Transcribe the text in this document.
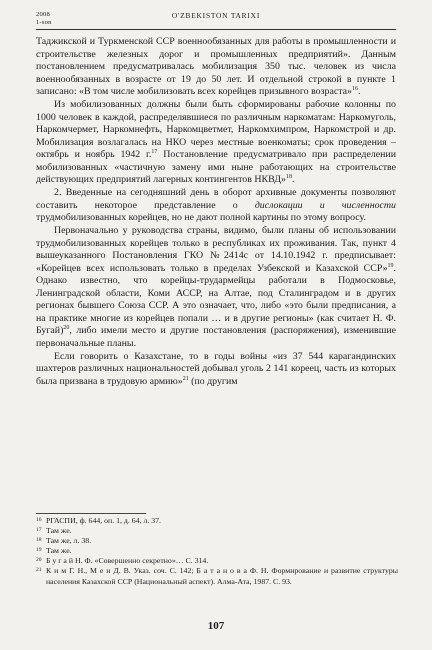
2008
1-son
O'ZBEKISTON TARIXI

Таджикской и Туркменской ССР военнообязанных для работы в промышленности и строительстве железных дорог и промышленных предприятий». Данным постановлением предусматривалась мобилизация 350 тыс. человек из числа военнообязанных в возрасте от 19 до 50 лет. И отдельной строкой в пункте 1 записано: «В том числе мобилизовать всех корейцев призывного возраста»$^{16}$.

Из мобилизованных должны были быть сформированы рабочие колонны по 1000 человек в каждой, распределявшиеся по различным наркоматам: Наркомуголь, Наркомчермет, Наркомнефть, Наркомцветмет, Наркомхимпром, Наркомстрой и др. Мобилизация возлагалась на НКО через местные военкоматы; срок проведения – октябрь и ноябрь 1942 г.$^{17}$ Постановление предусматривало при распределении мобилизованных «частичную замену ими ныне работающих на строительстве действующих предприятий лагерных контингентов НКВД»$^{18}$.

2. Введенные на сегодняшний день в оборот архивные документы позволяют составить некоторое представление о дислокации и численности трудмобилизованных корейцев, но не дают полной картины по этому вопросу.

Первоначально у руководства страны, видимо, были планы об использовании трудмобилизованных корейцев только в республиках их проживания. Так, пункт 4 вышеуказанного Постановления ГКО №2414с от 14.10.1942 г. предписывает: «Корейцев всех использовать только в пределах Узбекской и Казахской ССР»$^{19}$. Однако известно, что корейцы-трудармейцы работали в Подмосковье, Ленинградской области, Коми АССР, на Алтае, под Сталинградом и в других регионах бывшего Союза ССР. А это означает, что, либо «это были предписания, а на практике многие из корейцев попали … и в другие регионы» (как считает Н. Ф. Бугай)$^{20}$, либо имели место и другие постановления (распоряжения), изменившие первоначальные планы.

Если говорить о Казахстане, то в годы войны «из 37 544 карагандинских шахтеров различных национальностей добывал уголь 2 141 кореец, часть из которых была призвана в трудовую армию»$^{21}$ (по другим

16 РГАСПИ, ф. 644, оп. 1, д. 64, л. 37.
17 Там же.
18 Там же, л. 38.
19 Там же.
20 Б у г а й Н. Ф. «Совершенно секретно»… С. 314.
21 К и м Г. Н., М е н Д. В. Указ. соч. С. 142; Б а т а н о в а Ф. Н. Формирование и развитие структуры населения Казахской ССР (Национальный аспект). Алма-Ата, 1987. С. 93.
107
